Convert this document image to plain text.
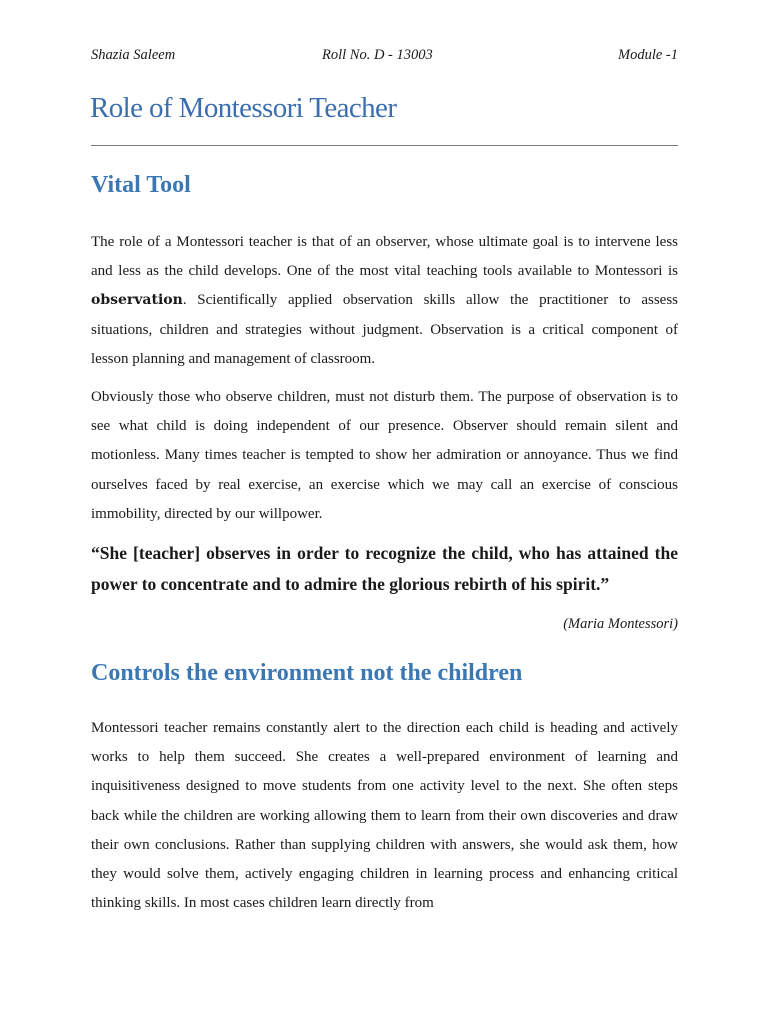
Shazia Saleem	Roll No. D - 13003	Module -1
Role of Montessori Teacher
Vital Tool

The role of a Montessori teacher is that of an observer, whose ultimate goal is to intervene less and less as the child develops. One of the most vital teaching tools available to Montessori is observation. Scientifically applied observation skills allow the practitioner to assess situations, children and strategies without judgment. Observation is a critical component of lesson planning and management of classroom.

Obviously those who observe children, must not disturb them. The purpose of observation is to see what child is doing independent of our presence. Observer should remain silent and motionless. Many times teacher is tempted to show her admiration or annoyance. Thus we find ourselves faced by real exercise, an exercise which we may call an exercise of conscious immobility, directed by our willpower.

“She [teacher] observes in order to recognize the child, who has attained the power to concentrate and to admire the glorious rebirth of his spirit.”

(Maria Montessori)

Controls the environment not the children

Montessori teacher remains constantly alert to the direction each child is heading and actively works to help them succeed. She creates a well-prepared environment of learning and inquisitiveness designed to move students from one activity level to the next. She often steps back while the children are working allowing them to learn from their own discoveries and draw their own conclusions. Rather than supplying children with answers, she would ask them, how they would solve them, actively engaging children in learning process and enhancing critical thinking skills. In most cases children learn directly from
